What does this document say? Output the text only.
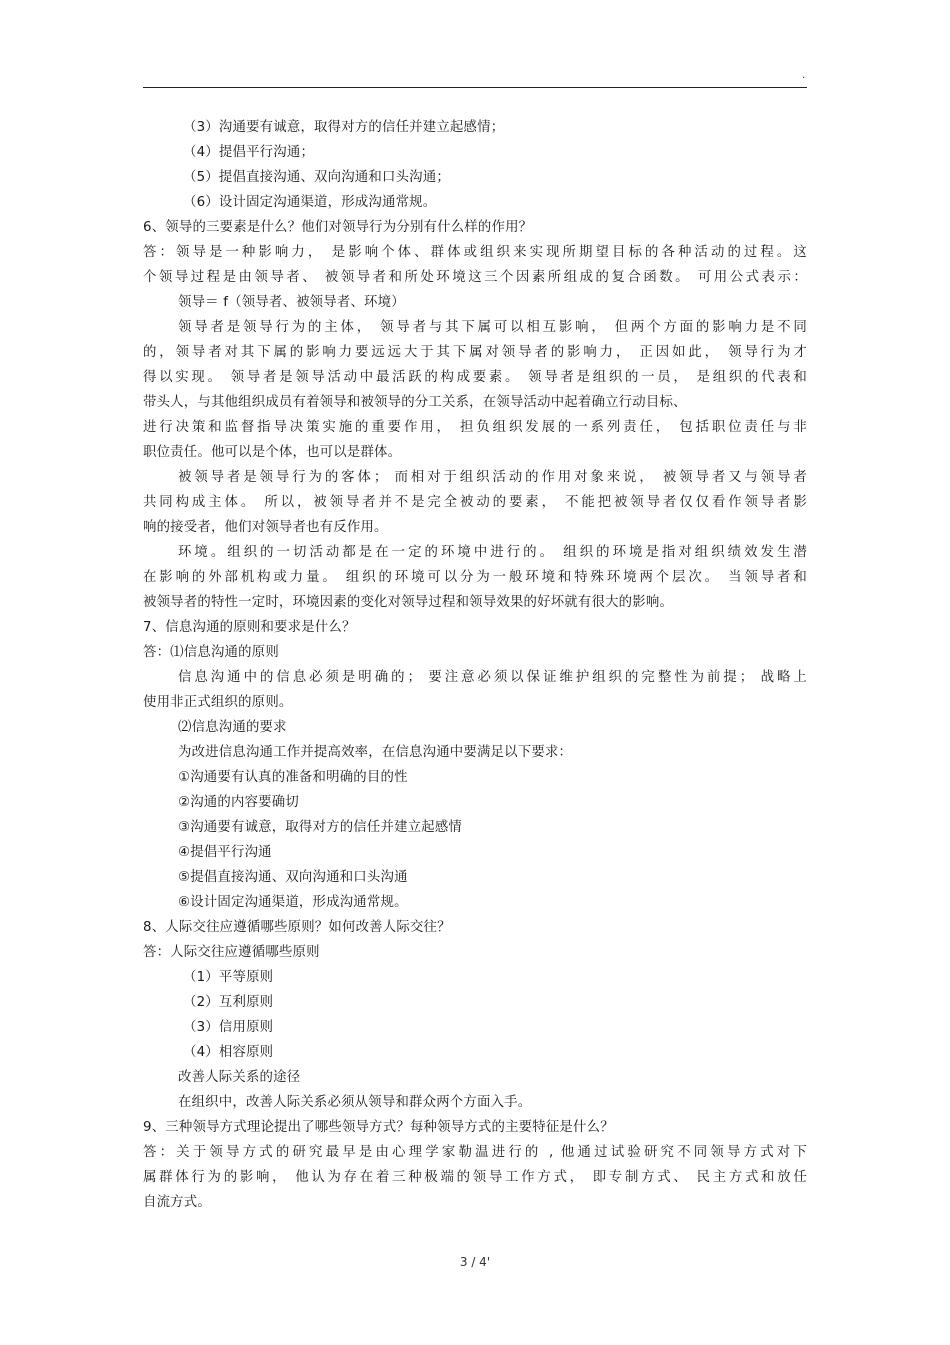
.
（3）沟通要有诚意，取得对方的信任并建立起感情；
（4）提倡平行沟通；
（5）提倡直接沟通、双向沟通和口头沟通；
（6）设计固定沟通渠道，形成沟通常规。
6、领导的三要素是什么？他们对领导行为分别有什么样的作用？
答：领导是一种影响力， 是影响个体、群体或组织来实现所期望目标的各种活动的过程。这
个领导过程是由领导者、 被领导者和所处环境这三个因素所组成的复合函数。 可用公式表示：
领导＝ f（领导者、被领导者、环境）
领导者是领导行为的主体， 领导者与其下属可以相互影响， 但两个方面的影响力是不同
的，领导者对其下属的影响力要远远大于其下属对领导者的影响力， 正因如此， 领导行为才
得以实现。 领导者是领导活动中最活跃的构成要素。 领导者是组织的一员， 是组织的代表和
带头人，与其他组织成员有着领导和被领导的分工关系，在领导活动中起着确立行动目标、
进行决策和监督指导决策实施的重要作用， 担负组织发展的一系列责任， 包括职位责任与非
职位责任。他可以是个体，也可以是群体。
被领导者是领导行为的客体； 而相对于组织活动的作用对象来说， 被领导者又与领导者
共同构成主体。 所以，被领导者并不是完全被动的要素， 不能把被领导者仅仅看作领导者影
响的接受者，他们对领导者也有反作用。
环境。组织的一切活动都是在一定的环境中进行的。 组织的环境是指对组织绩效发生潜
在影响的外部机构或力量。 组织的环境可以分为一般环境和特殊环境两个层次。 当领导者和
被领导者的特性一定时，环境因素的变化对领导过程和领导效果的好坏就有很大的影响。
7、信息沟通的原则和要求是什么？
答：⑴信息沟通的原则
信息沟通中的信息必须是明确的； 要注意必须以保证维护组织的完整性为前提； 战略上
使用非正式组织的原则。
⑵信息沟通的要求
为改进信息沟通工作并提高效率，在信息沟通中要满足以下要求：
①沟通要有认真的准备和明确的目的性
②沟通的内容要确切
③沟通要有诚意，取得对方的信任并建立起感情
④提倡平行沟通
⑤提倡直接沟通、双向沟通和口头沟通
⑥设计固定沟通渠道，形成沟通常规。
8、人际交往应遵循哪些原则？如何改善人际交往？
答：人际交往应遵循哪些原则
（1）平等原则
（2）互利原则
（3）信用原则
（4）相容原则
改善人际关系的途径
在组织中，改善人际关系必须从领导和群众两个方面入手。
9、三种领导方式理论提出了哪些领导方式？每种领导方式的主要特征是什么？
答：关于领导方式的研究最早是由心理学家勒温进行的 , 他通过试验研究不同领导方式对下
属群体行为的影响， 他认为存在着三种极端的领导工作方式， 即专制方式、 民主方式和放任
自流方式。
3 / 4'
